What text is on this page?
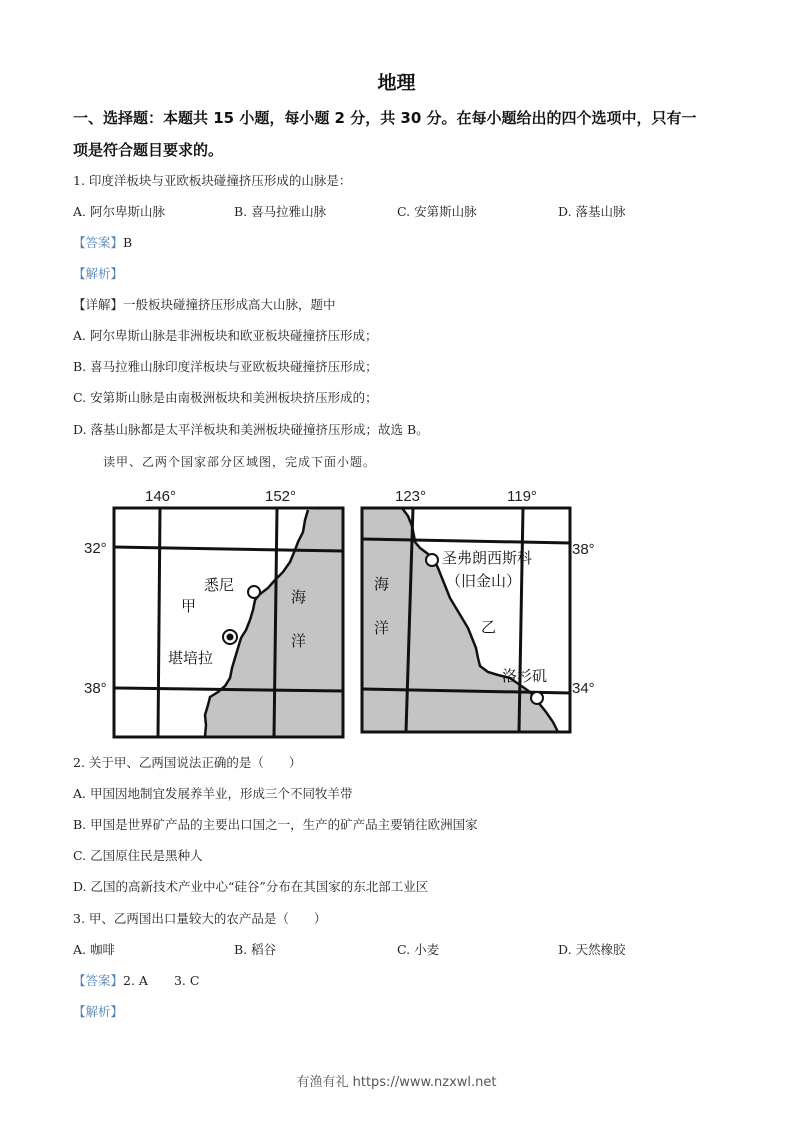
地理
一、选择题：本题共 15 小题，每小题 2 分，共 30 分。在每小题给出的四个选项中，只有一
项是符合题目要求的。
1. 印度洋板块与亚欧板块碰撞挤压形成的山脉是：
A. 阿尔卑斯山脉	B. 喜马拉雅山脉	C. 安第斯山脉	D. 落基山脉
【答案】B
【解析】
【详解】一般板块碰撞挤压形成高大山脉，题中
A. 阿尔卑斯山脉是非洲板块和欧亚板块碰撞挤压形成；
B. 喜马拉雅山脉印度洋板块与亚欧板块碰撞挤压形成；
C. 安第斯山脉是由南极洲板块和美洲板块挤压形成的；
D. 落基山脉都是太平洋板块和美洲板块碰撞挤压形成；故选 B。
读甲、乙两个国家部分区域图，完成下面小题。
146°	152°
32°
38°
悉尼
甲
堪培拉
海
洋
123°	119°
38°
34°
圣弗朗西斯科
（旧金山）
乙
洛杉矶
海
洋
2. 关于甲、乙两国说法正确的是（　　）
A. 甲国因地制宜发展养羊业，形成三个不同牧羊带
B. 甲国是世界矿产品的主要出口国之一，生产的矿产品主要销往欧洲国家
C. 乙国原住民是黑种人
D. 乙国的高新技术产业中心“硅谷”分布在其国家的东北部工业区
3. 甲、乙两国出口量较大的农产品是（　　）
A. 咖啡	B. 稻谷	C. 小麦	D. 天然橡胶
【答案】2. A 3. C
【解析】
有渔有礼 https://www.nzxwl.net
